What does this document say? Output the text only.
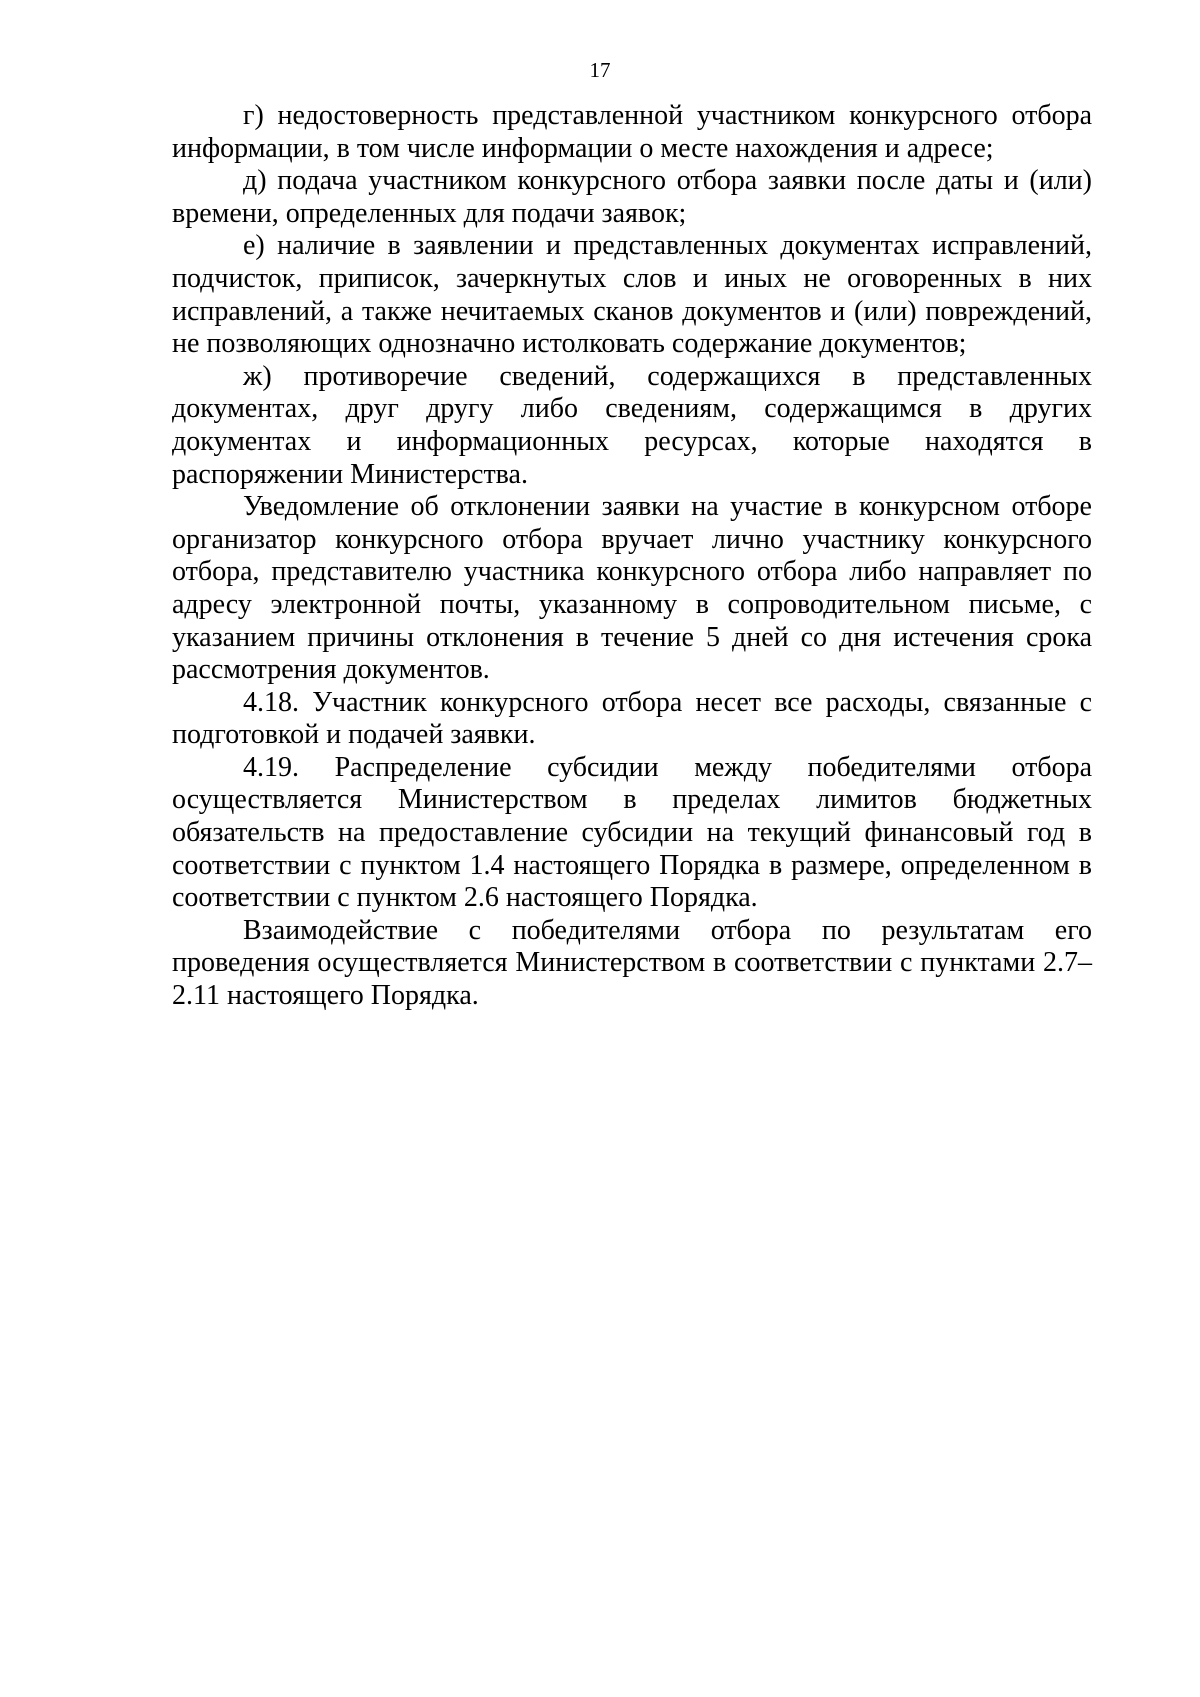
17

г) недостоверность представленной участником конкурсного отбора информации, в том числе информации о месте нахождения и адресе;

д) подача участником конкурсного отбора заявки после даты и (или) времени, определенных для подачи заявок;

е) наличие в заявлении и представленных документах исправлений, подчисток, приписок, зачеркнутых слов и иных не оговоренных в них исправлений, а также нечитаемых сканов документов и (или) повреждений, не позволяющих однозначно истолковать содержание документов;

ж) противоречие сведений, содержащихся в представленных документах, друг другу либо сведениям, содержащимся в других документах и информационных ресурсах, которые находятся в распоряжении Министерства.

Уведомление об отклонении заявки на участие в конкурсном отборе организатор конкурсного отбора вручает лично участнику конкурсного отбора, представителю участника конкурсного отбора либо направляет по адресу электронной почты, указанному в сопроводительном письме, с указанием причины отклонения в течение 5 дней со дня истечения срока рассмотрения документов.

4.18. Участник конкурсного отбора несет все расходы, связанные с подготовкой и подачей заявки.

4.19. Распределение субсидии между победителями отбора осуществляется Министерством в пределах лимитов бюджетных обязательств на предоставление субсидии на текущий финансовый год в соответствии с пунктом 1.4 настоящего Порядка в размере, определенном в соответствии с пунктом 2.6 настоящего Порядка.

Взаимодействие с победителями отбора по результатам его проведения осуществляется Министерством в соответствии с пунктами 2.7–2.11 настоящего Порядка.
